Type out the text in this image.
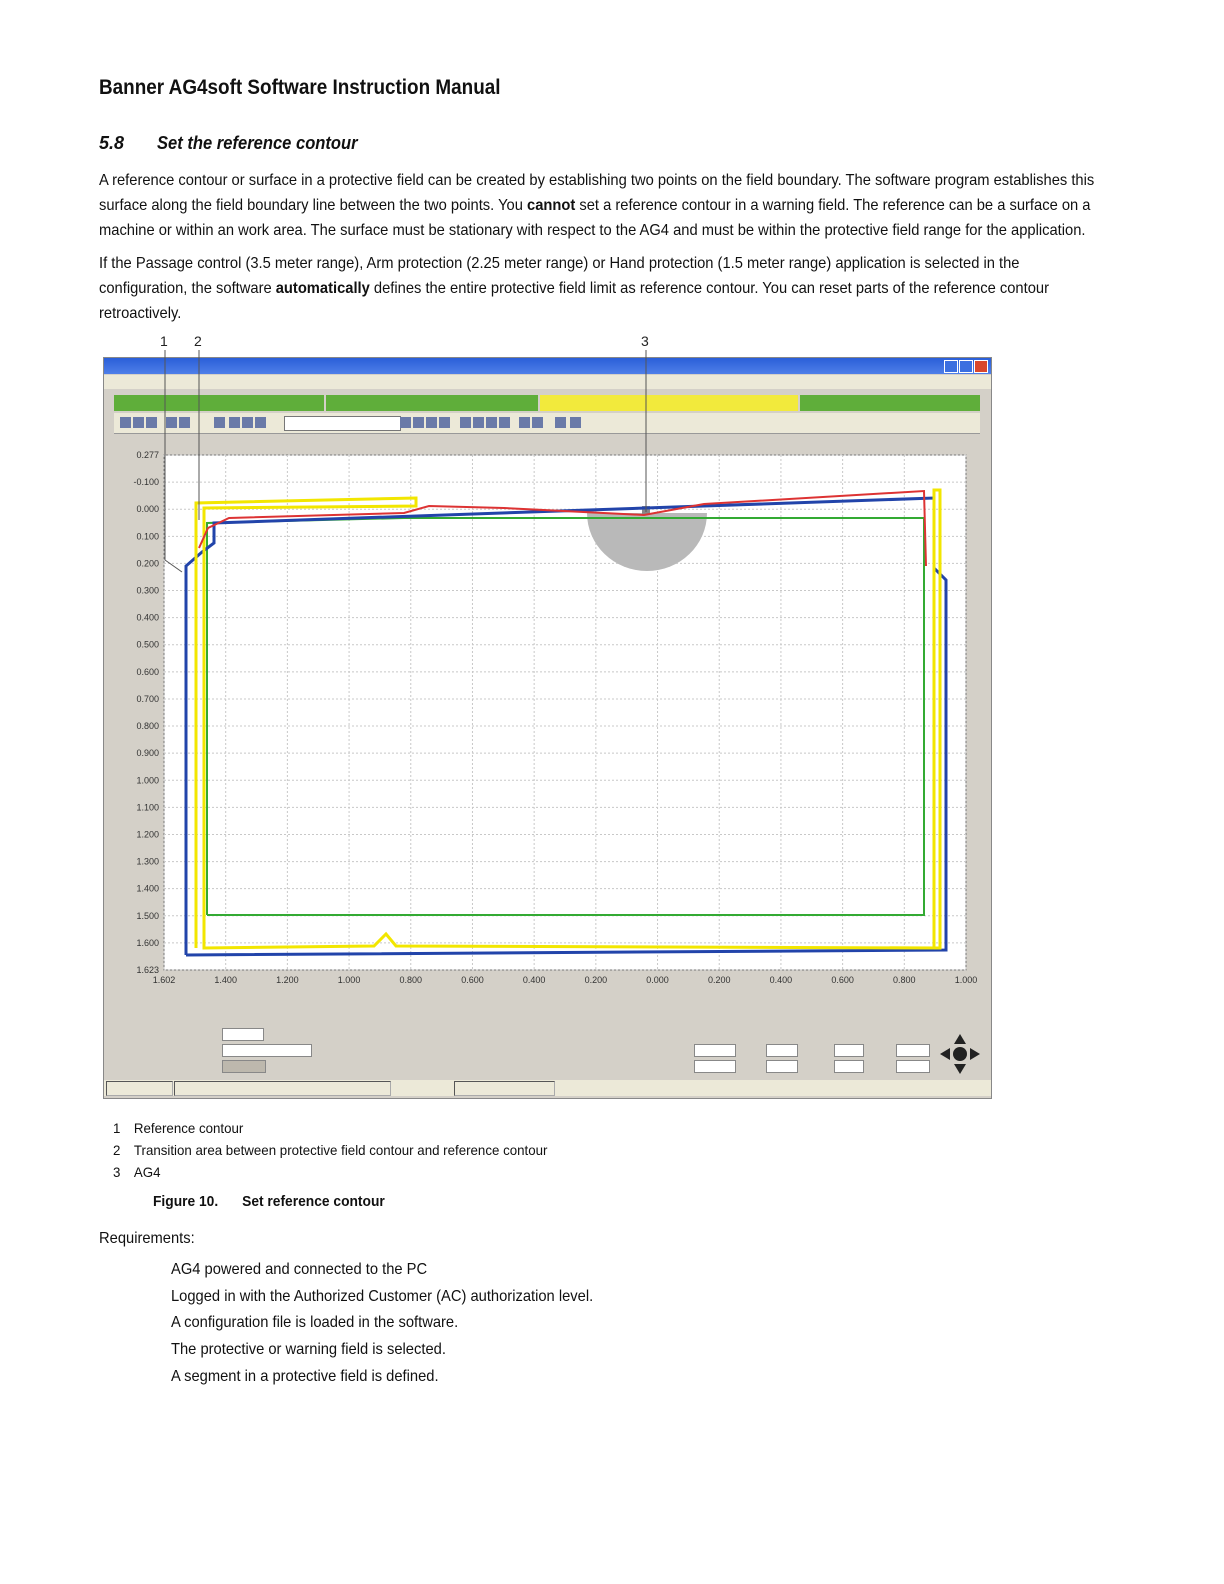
Banner AG4soft Software Instruction Manual
5.8 Set the reference contour
A reference contour or surface in a protective field can be created by establishing two points on the field boundary. The software program establishes this surface along the field boundary line between the two points. You cannot set a reference contour in a warning field. The reference can be a surface on a machine or within an work area. The surface must be stationary with respect to the AG4 and must be within the protective field range for the application.
If the Passage control (3.5 meter range), Arm protection (2.25 meter range) or Hand protection (1.5 meter range) application is selected in the configuration, the software automatically defines the entire protective field limit as reference contour. You can reset parts of the reference contour retroactively.
1 2	3
0.277
-0.100
0.000
0.100
0.200
0.300
0.400
0.500
0.600
0.700
0.800
0.900
1.000
1.100
1.200
1.300
1.400
1.500
1.600
1.623
1.602	1.400	1.200	1.000	0.800	0.600	0.400	0.200	0.000	0.200	0.400	0.600	0.800	1.000
1 Reference contour
2 Transition area between protective field contour and reference contour
3 AG4
Figure 10. Set reference contour
Requirements:
AG4 powered and connected to the PC
Logged in with the Authorized Customer (AC) authorization level.
A configuration file is loaded in the software.
The protective or warning field is selected.
A segment in a protective field is defined.
